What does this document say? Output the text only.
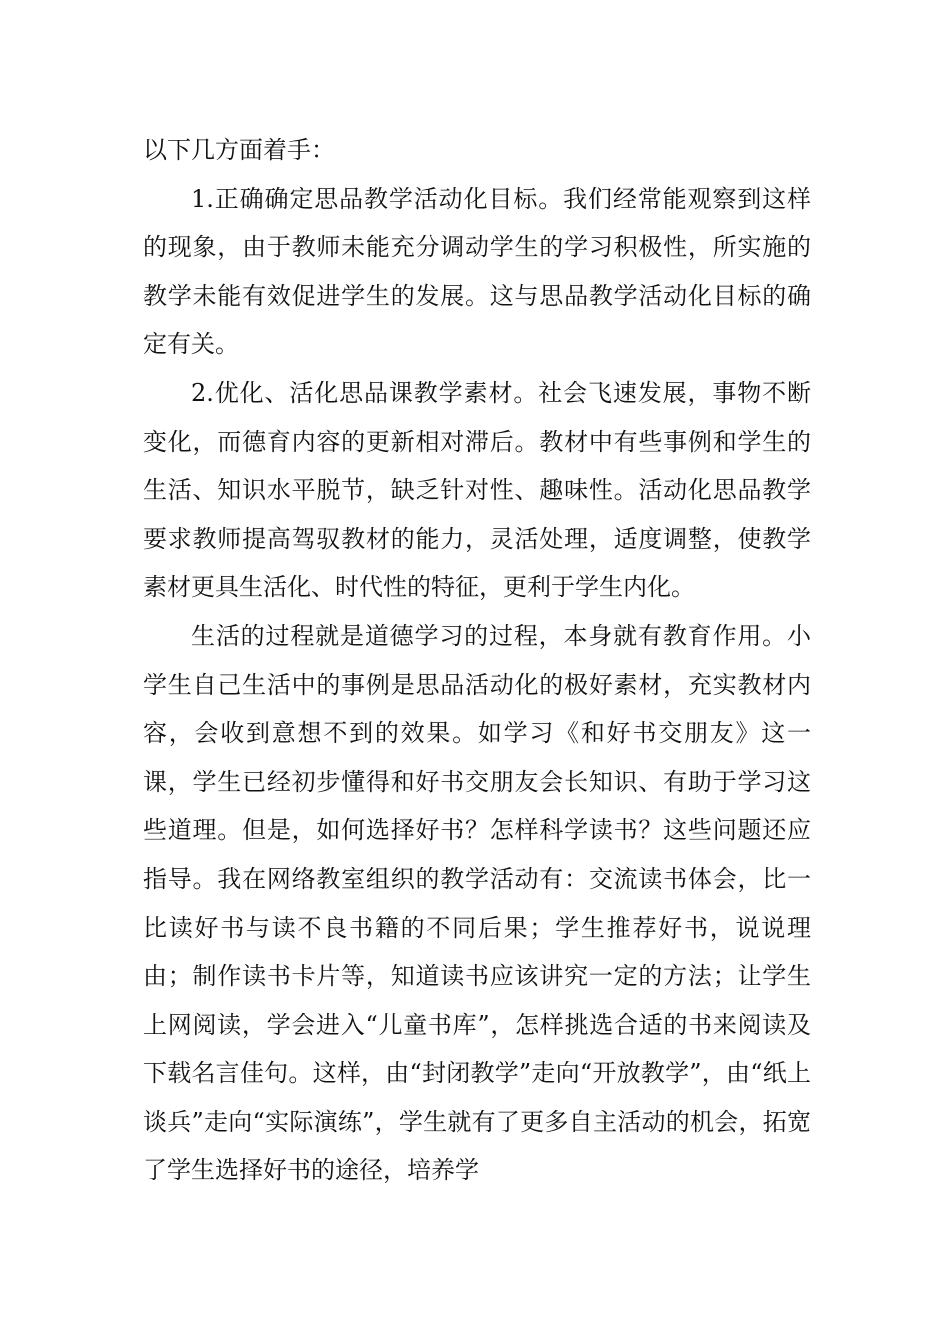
以下几方面着手：

1.正确确定思品教学活动化目标。我们经常能观察到这样的现象，由于教师未能充分调动学生的学习积极性，所实施的教学未能有效促进学生的发展。这与思品教学活动化目标的确定有关。

2.优化、活化思品课教学素材。社会飞速发展，事物不断变化，而德育内容的更新相对滞后。教材中有些事例和学生的生活、知识水平脱节，缺乏针对性、趣味性。活动化思品教学要求教师提高驾驭教材的能力，灵活处理，适度调整，使教学素材更具生活化、时代性的特征，更利于学生内化。

生活的过程就是道德学习的过程，本身就有教育作用。小学生自己生活中的事例是思品活动化的极好素材，充实教材内容，会收到意想不到的效果。如学习《和好书交朋友》这一课，学生已经初步懂得和好书交朋友会长知识、有助于学习这些道理。但是，如何选择好书？怎样科学读书？这些问题还应指导。我在网络教室组织的教学活动有：交流读书体会，比一比读好书与读不良书籍的不同后果；学生推荐好书，说说理由；制作读书卡片等，知道读书应该讲究一定的方法；让学生上网阅读，学会进入“儿童书库”，怎样挑选合适的书来阅读及下载名言佳句。这样，由“封闭教学”走向“开放教学”，由“纸上谈兵”走向“实际演练”，学生就有了更多自主活动的机会，拓宽了学生选择好书的途径，培养学
